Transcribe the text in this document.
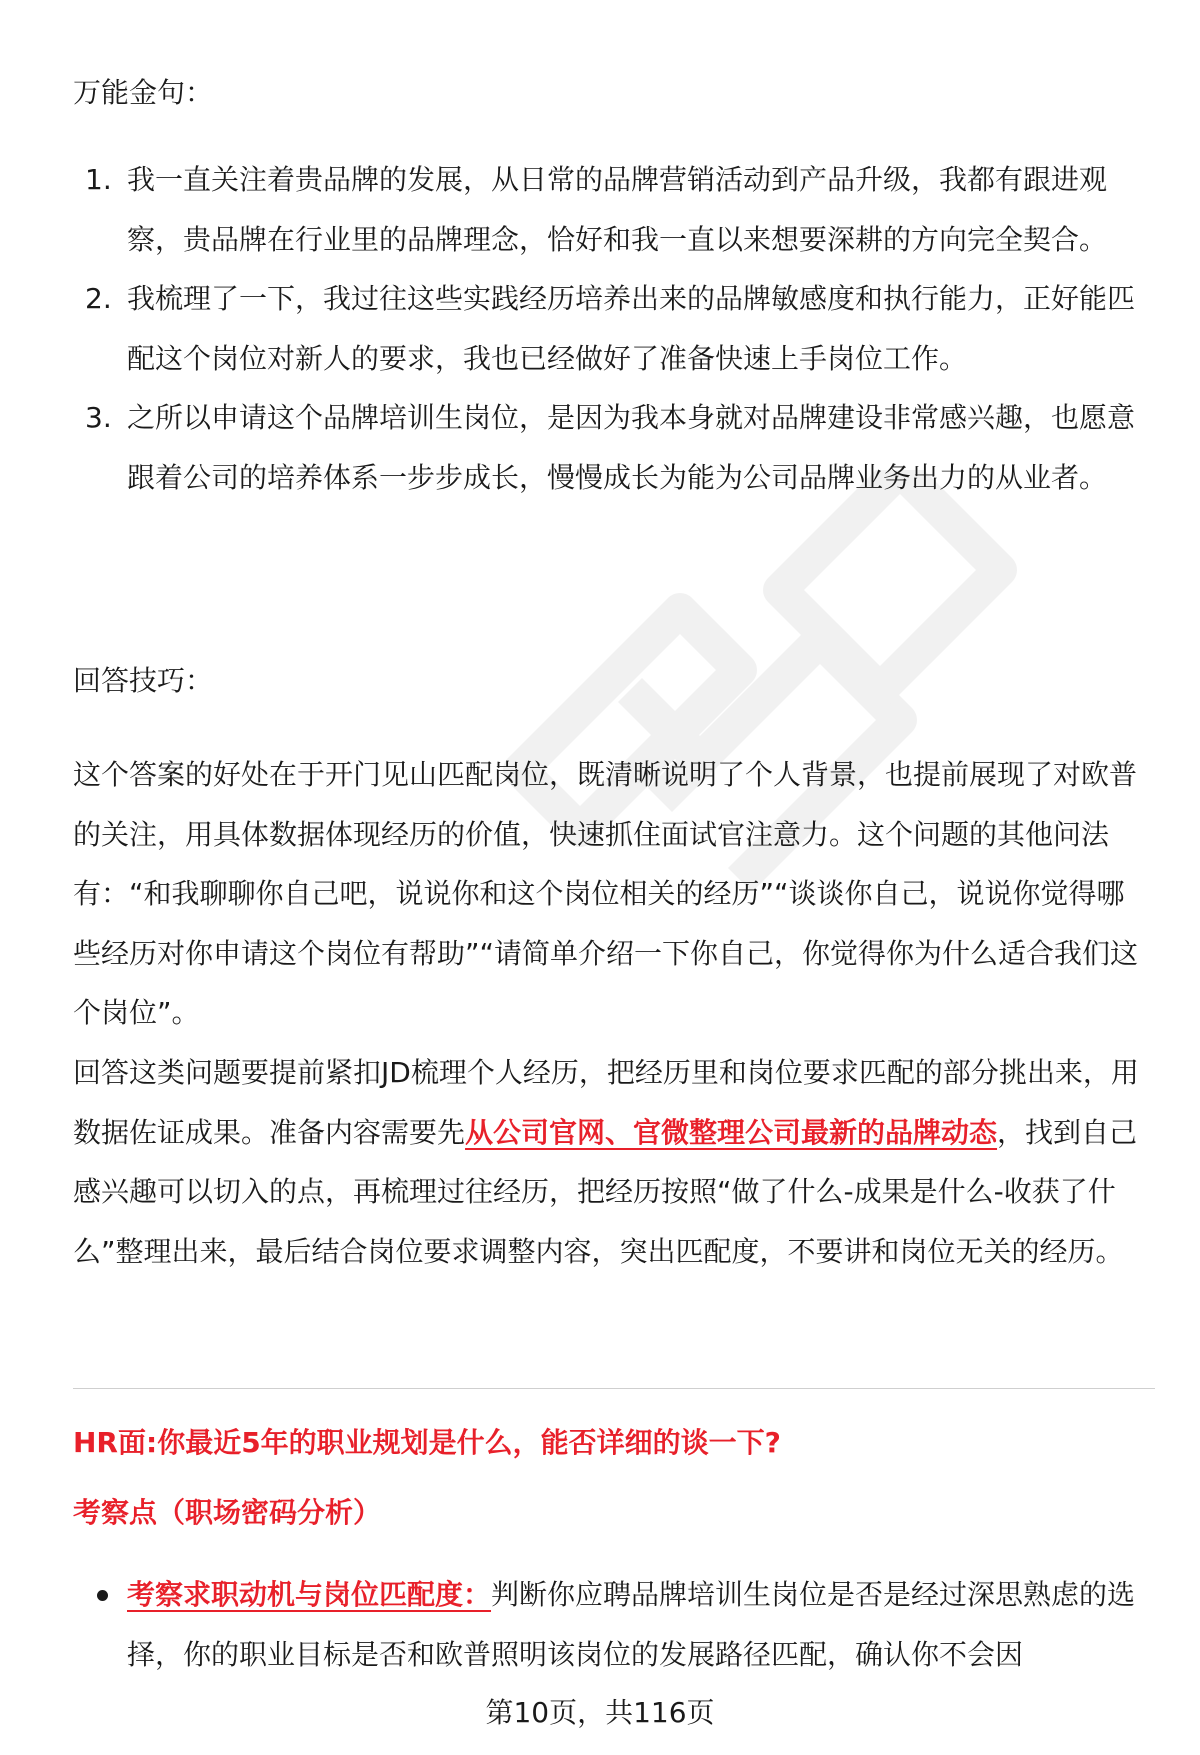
万能金句：

1. 我一直关注着贵品牌的发展，从日常的品牌营销活动到产品升级，我都有跟进观察，贵品牌在行业里的品牌理念，恰好和我一直以来想要深耕的方向完全契合。
2. 我梳理了一下，我过往这些实践经历培养出来的品牌敏感度和执行能力，正好能匹配这个岗位对新人的要求，我也已经做好了准备快速上手岗位工作。
3. 之所以申请这个品牌培训生岗位，是因为我本身就对品牌建设非常感兴趣，也愿意跟着公司的培养体系一步步成长，慢慢成长为能为公司品牌业务出力的从业者。

回答技巧：

这个答案的好处在于开门见山匹配岗位，既清晰说明了个人背景，也提前展现了对欧普的关注，用具体数据体现经历的价值，快速抓住面试官注意力。这个问题的其他问法有：“和我聊聊你自己吧，说说你和这个岗位相关的经历”“谈谈你自己，说说你觉得哪些经历对你申请这个岗位有帮助”“请简单介绍一下你自己，你觉得你为什么适合我们这个岗位”。

回答这类问题要提前紧扣JD梳理个人经历，把经历里和岗位要求匹配的部分挑出来，用数据佐证成果。准备内容需要先从公司官网、官微整理公司最新的品牌动态，找到自己感兴趣可以切入的点，再梳理过往经历，把经历按照“做了什么-成果是什么-收获了什么”整理出来，最后结合岗位要求调整内容，突出匹配度，不要讲和岗位无关的经历。

HR面:你最近5年的职业规划是什么，能否详细的谈一下?

考察点（职场密码分析）

考察求职动机与岗位匹配度：判断你应聘品牌培训生岗位是否是经过深思熟虑的选择，你的职业目标是否和欧普照明该岗位的发展路径匹配，确认你不会因
第10页，共116页
